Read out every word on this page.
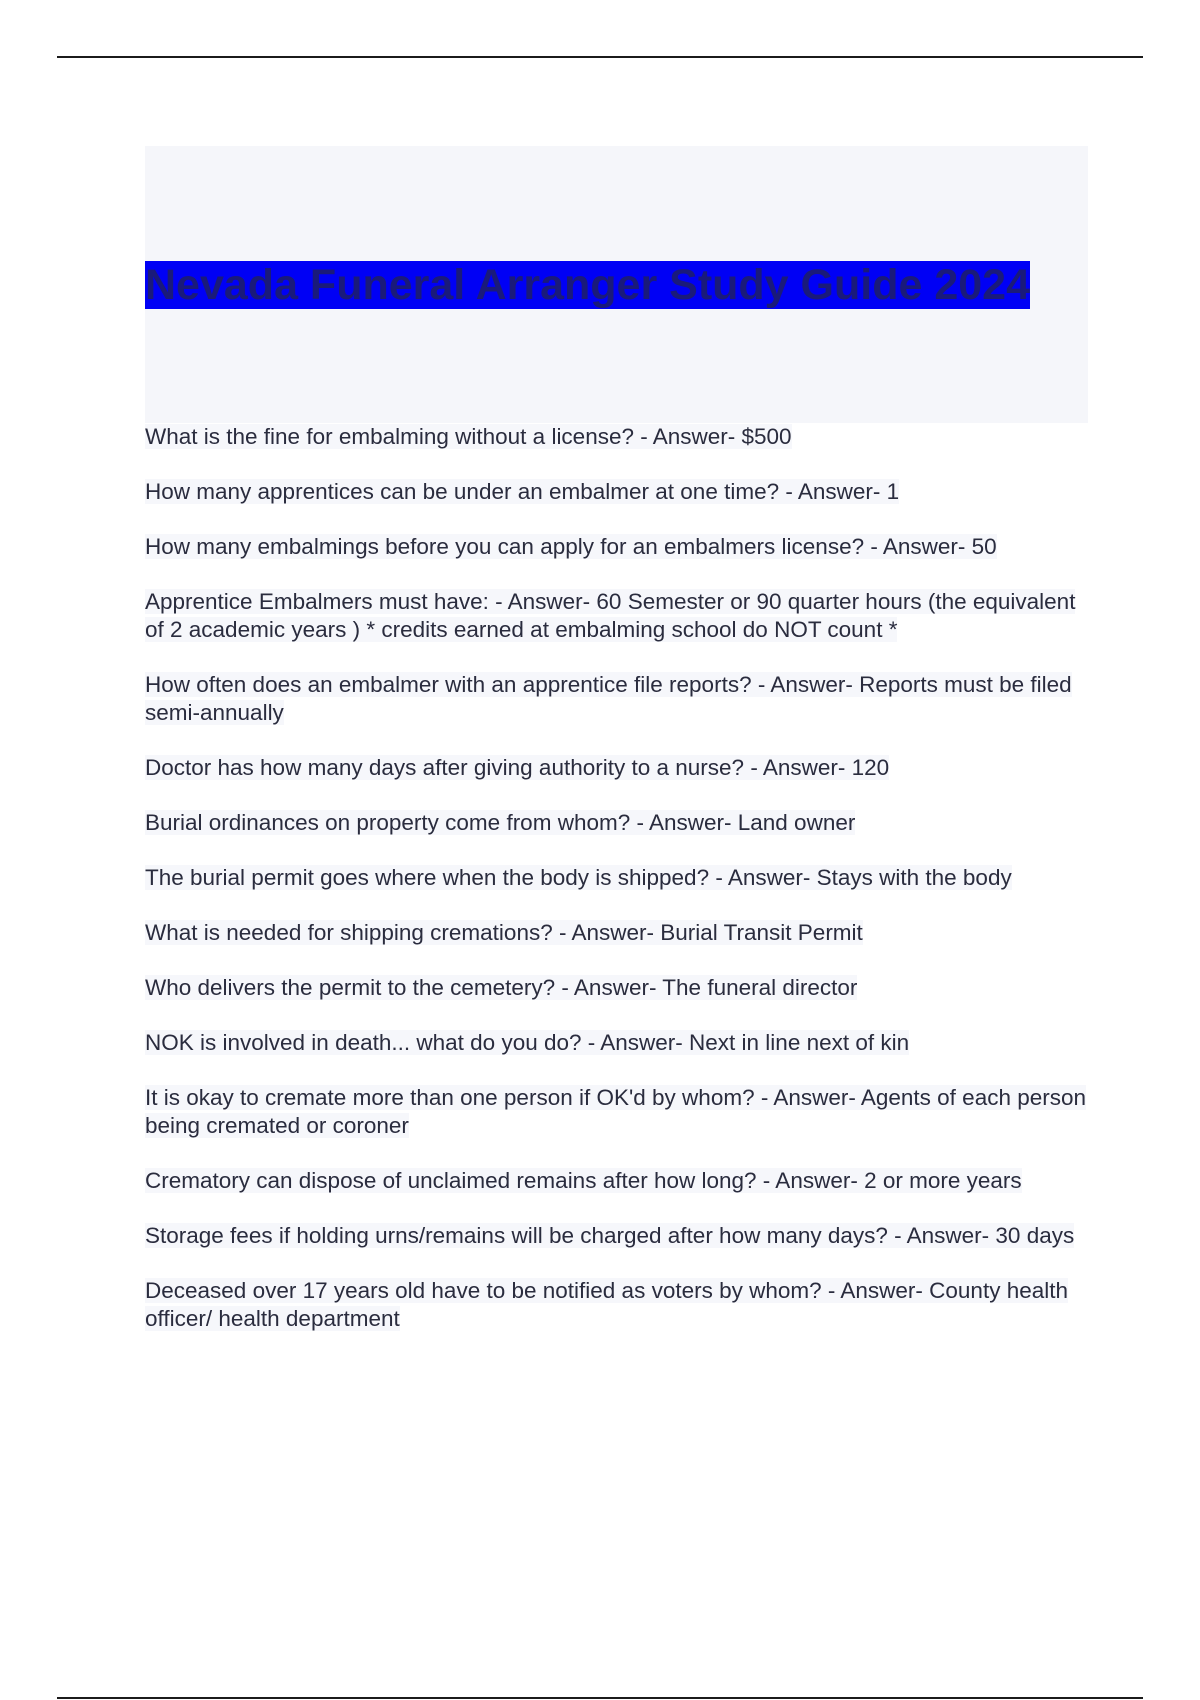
Nevada Funeral Arranger Study Guide 2024
What is the fine for embalming without a license? - Answer- $500
How many apprentices can be under an embalmer at one time? - Answer- 1
How many embalmings before you can apply for an embalmers license? - Answer- 50
Apprentice Embalmers must have: - Answer- 60 Semester or 90 quarter hours (the equivalent of 2 academic years ) * credits earned at embalming school do NOT count *
How often does an embalmer with an apprentice file reports? - Answer- Reports must be filed semi-annually
Doctor has how many days after giving authority to a nurse? - Answer- 120
Burial ordinances on property come from whom? - Answer- Land owner
The burial permit goes where when the body is shipped? - Answer- Stays with the body
What is needed for shipping cremations? - Answer- Burial Transit Permit
Who delivers the permit to the cemetery? - Answer- The funeral director
NOK is involved in death... what do you do? - Answer- Next in line next of kin
It is okay to cremate more than one person if OK'd by whom? - Answer- Agents of each person being cremated or coroner
Crematory can dispose of unclaimed remains after how long? - Answer- 2 or more years
Storage fees if holding urns/remains will be charged after how many days? - Answer- 30 days
Deceased over 17 years old have to be notified as voters by whom? - Answer- County health officer/ health department
